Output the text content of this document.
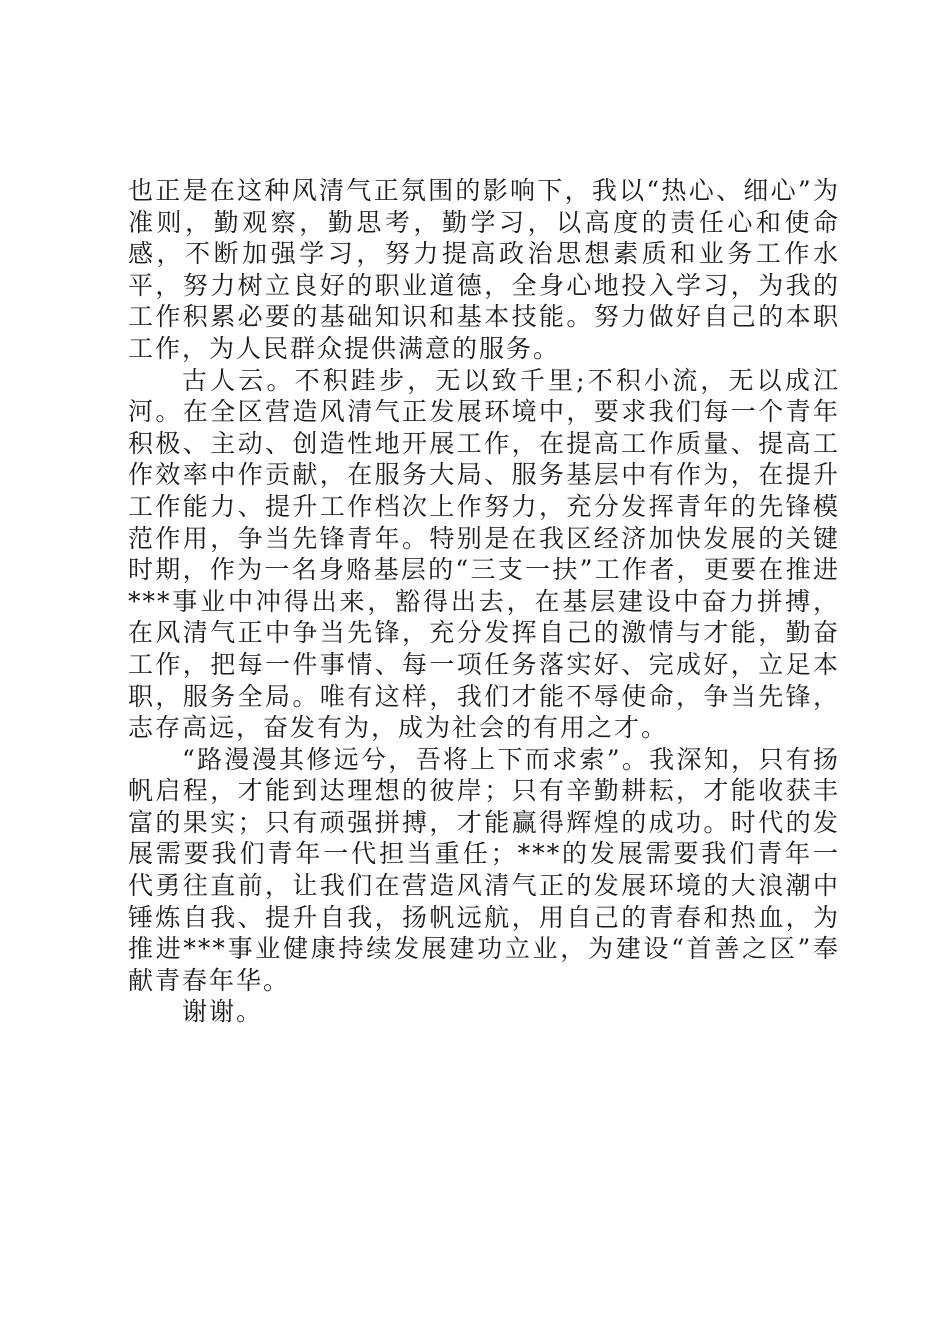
也正是在这种风清气正氛围的影响下，我以“热心、细心”为准则，勤观察，勤思考，勤学习，以高度的责任心和使命感，不断加强学习，努力提高政治思想素质和业务工作水平，努力树立良好的职业道德，全身心地投入学习，为我的工作积累必要的基础知识和基本技能。努力做好自己的本职工作，为人民群众提供满意的服务。

古人云。不积跬步，无以致千里;不积小流，无以成江河。在全区营造风清气正发展环境中，要求我们每一个青年积极、主动、创造性地开展工作，在提高工作质量、提高工作效率中作贡献，在服务大局、服务基层中有作为，在提升工作能力、提升工作档次上作努力，充分发挥青年的先锋模范作用，争当先锋青年。特别是在我区经济加快发展的关键时期，作为一名身赂基层的“三支一扶”工作者，更要在推进***事业中冲得出来，豁得出去，在基层建设中奋力拼搏，在风清气正中争当先锋，充分发挥自己的激情与才能，勤奋工作，把每一件事情、每一项任务落实好、完成好，立足本职，服务全局。唯有这样，我们才能不辱使命，争当先锋，志存高远，奋发有为，成为社会的有用之才。

“路漫漫其修远兮，吾将上下而求索”。我深知，只有扬帆启程，才能到达理想的彼岸；只有辛勤耕耘，才能收获丰富的果实；只有顽强拼搏，才能赢得辉煌的成功。时代的发展需要我们青年一代担当重任；***的发展需要我们青年一代勇往直前，让我们在营造风清气正的发展环境的大浪潮中锤炼自我、提升自我，扬帆远航，用自己的青春和热血，为推进***事业健康持续发展建功立业，为建设“首善之区”奉献青春年华。

谢谢。
